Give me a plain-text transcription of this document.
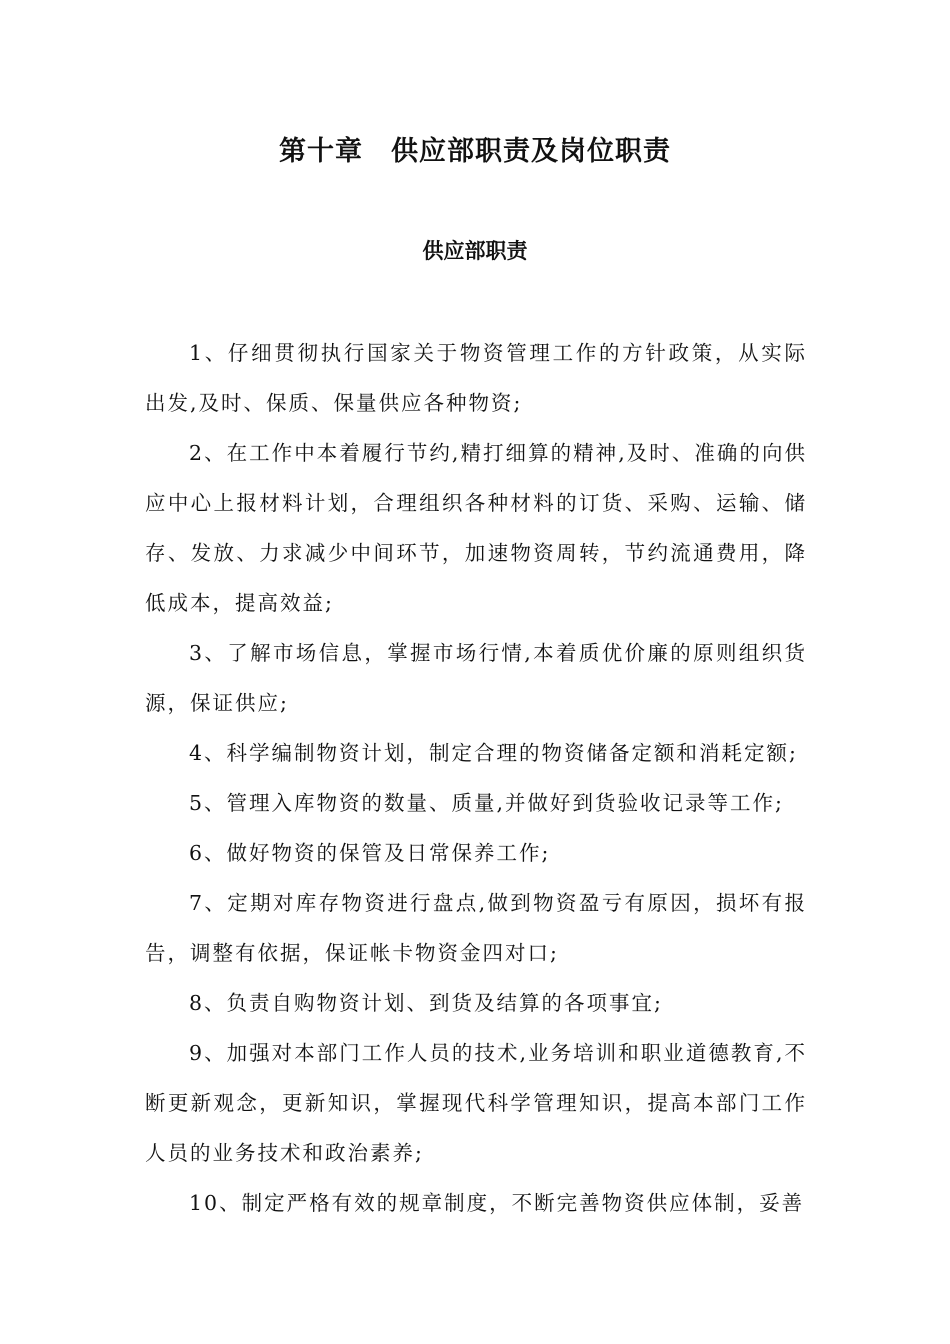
第十章　供应部职责及岗位职责
供应部职责

1、仔细贯彻执行国家关于物资管理工作的方针政策，从实际出发,及时、保质、保量供应各种物资;

2、在工作中本着履行节约,精打细算的精神,及时、准确的向供应中心上报材料计划，合理组织各种材料的订货、采购、运输、储存、发放、力求减少中间环节，加速物资周转，节约流通费用，降低成本，提高效益;

3、了解市场信息，掌握市场行情,本着质优价廉的原则组织货源，保证供应;

4、科学编制物资计划，制定合理的物资储备定额和消耗定额;

5、管理入库物资的数量、质量,并做好到货验收记录等工作;

6、做好物资的保管及日常保养工作;

7、定期对库存物资进行盘点,做到物资盈亏有原因，损坏有报告，调整有依据，保证帐卡物资金四对口;

8、负责自购物资计划、到货及结算的各项事宜;

9、加强对本部门工作人员的技术,业务培训和职业道德教育,不断更新观念，更新知识，掌握现代科学管理知识，提高本部门工作人员的业务技术和政治素养;

10、制定严格有效的规章制度，不断完善物资供应体制，妥善
